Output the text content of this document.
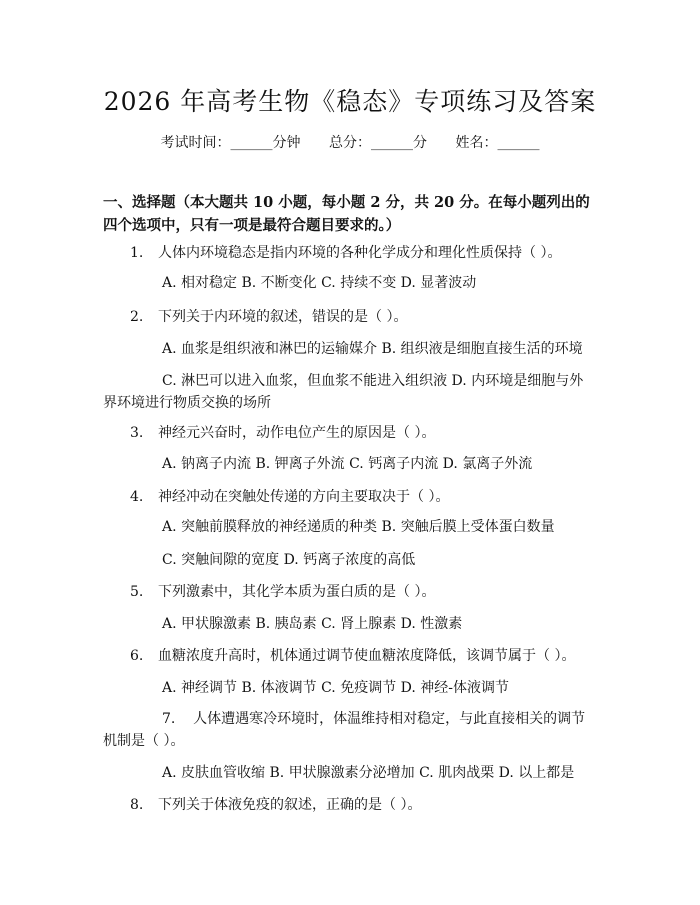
2026 年高考生物《稳态》专项练习及答案
考试时间：______分钟 总分：______分 姓名：______
一、选择题（本大题共 10 小题，每小题 2 分，共 20 分。在每小题列出的四个选项中，只有一项是最符合题目要求的。）
1. 人体内环境稳态是指内环境的各种化学成分和理化性质保持（ ）。
A. 相对稳定 B. 不断变化 C. 持续不变 D. 显著波动
2. 下列关于内环境的叙述，错误的是（ ）。
A. 血浆是组织液和淋巴的运输媒介 B. 组织液是细胞直接生活的环境
C. 淋巴可以进入血浆，但血浆不能进入组织液 D. 内环境是细胞与外界环境进行物质交换的场所
3. 神经元兴奋时，动作电位产生的原因是（ ）。
A. 钠离子内流 B. 钾离子外流 C. 钙离子内流 D. 氯离子外流
4. 神经冲动在突触处传递的方向主要取决于（ ）。
A. 突触前膜释放的神经递质的种类 B. 突触后膜上受体蛋白数量
C. 突触间隙的宽度 D. 钙离子浓度的高低
5. 下列激素中，其化学本质为蛋白质的是（ ）。
A. 甲状腺激素 B. 胰岛素 C. 肾上腺素 D. 性激素
6. 血糖浓度升高时，机体通过调节使血糖浓度降低，该调节属于（ ）。
A. 神经调节 B. 体液调节 C. 免疫调节 D. 神经-体液调节
7. 人体遭遇寒冷环境时，体温维持相对稳定，与此直接相关的调节机制是（ ）。
A. 皮肤血管收缩 B. 甲状腺激素分泌增加 C. 肌肉战栗 D. 以上都是
8. 下列关于体液免疫的叙述，正确的是（ ）。
